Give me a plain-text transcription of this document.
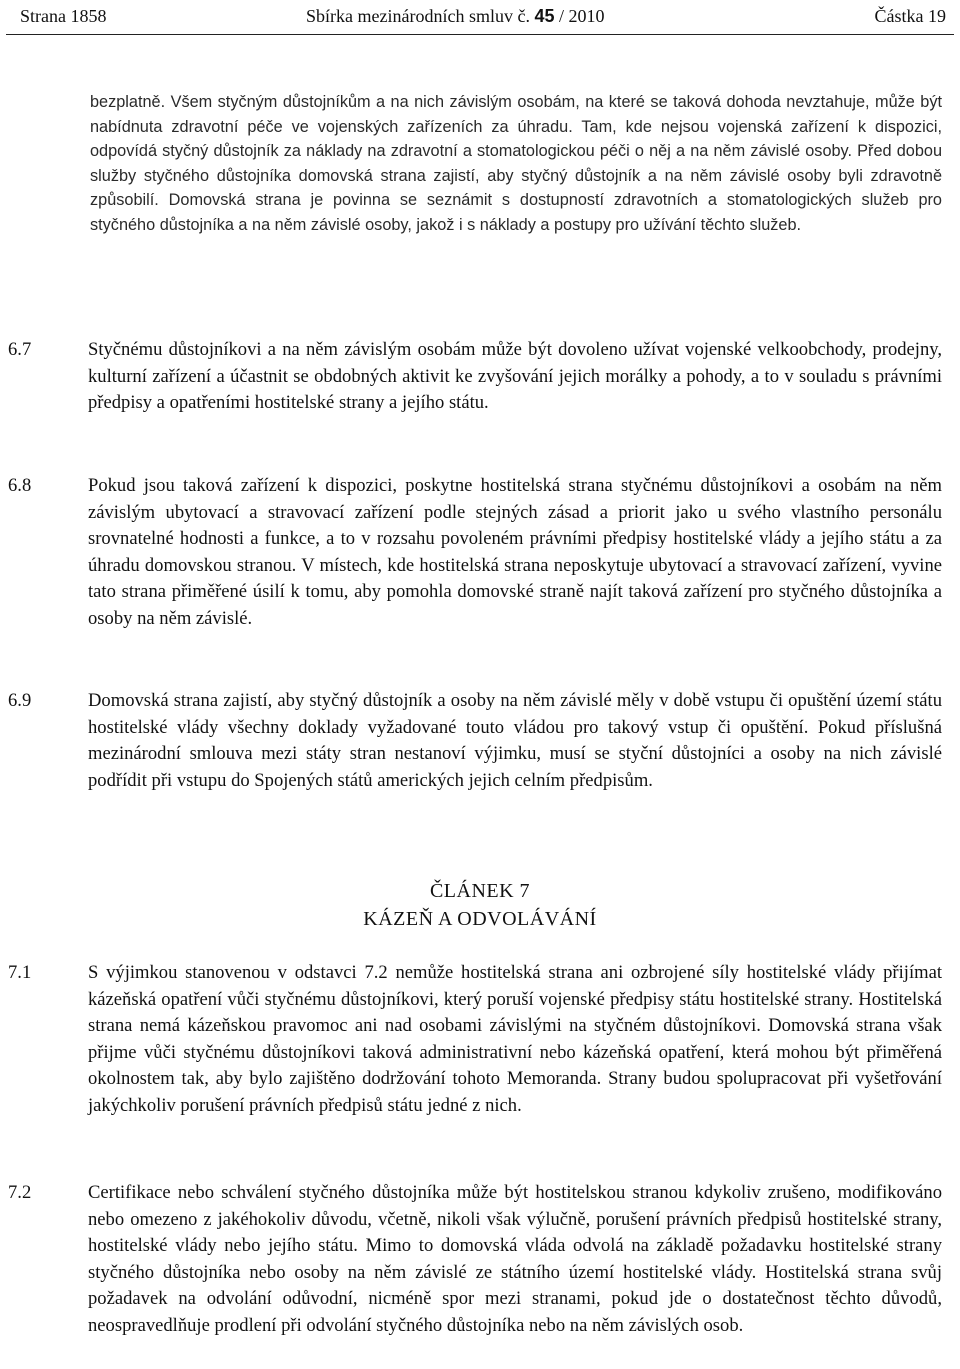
Strana 1858	Sbírka mezinárodních smluv č. 45 / 2010	Částka 19

bezplatně. Všem styčným důstojníkům a na nich závislým osobám, na které se taková dohoda nevztahuje, může být nabídnuta zdravotní péče ve vojenských zařízeních za úhradu. Tam, kde nejsou vojenská zařízení k dispozici, odpovídá styčný důstojník za náklady na zdravotní a stomatologickou péči o něj a na něm závislé osoby. Před dobou služby styčného důstojníka domovská strana zajistí, aby styčný důstojník a na něm závislé osoby byli zdravotně způsobilí. Domovská strana je povinna se seznámit s dostupností zdravotních a stomatologických služeb pro styčného důstojníka a na něm závislé osoby, jakož i s náklady a postupy pro užívání těchto služeb.

6.7	Styčnému důstojníkovi a na něm závislým osobám může být dovoleno užívat vojenské velkoobchody, prodejny, kulturní zařízení a účastnit se obdobných aktivit ke zvyšování jejich morálky a pohody, a to v souladu s právními předpisy a opatřeními hostitelské strany a jejího státu.

6.8	Pokud jsou taková zařízení k dispozici, poskytne hostitelská strana styčnému důstojníkovi a osobám na něm závislým ubytovací a stravovací zařízení podle stejných zásad a priorit jako u svého vlastního personálu srovnatelné hodnosti a funkce, a to v rozsahu povoleném právními předpisy hostitelské vlády a jejího státu a za úhradu domovskou stranou. V místech, kde hostitelská strana neposkytuje ubytovací a stravovací zařízení, vyvine tato strana přiměřené úsilí k tomu, aby pomohla domovské straně najít taková zařízení pro styčného důstojníka a osoby na něm závislé.

6.9	Domovská strana zajistí, aby styčný důstojník a osoby na něm závislé měly v době vstupu či opuštění území státu hostitelské vlády všechny doklady vyžadované touto vládou pro takový vstup či opuštění. Pokud příslušná mezinárodní smlouva mezi státy stran nestanoví výjimku, musí se styční důstojníci a osoby na nich závislé podřídit při vstupu do Spojených států amerických jejich celním předpisům.

ČLÁNEK 7
KÁZEŇ A ODVOLÁVÁNÍ
7.1	S výjimkou stanovenou v odstavci 7.2 nemůže hostitelská strana ani ozbrojené síly hostitelské vlády přijímat kázeňská opatření vůči styčnému důstojníkovi, který poruší vojenské předpisy státu hostitelské strany. Hostitelská strana nemá kázeňskou pravomoc ani nad osobami závislými na styčném důstojníkovi. Domovská strana však přijme vůči styčnému důstojníkovi taková administrativní nebo kázeňská opatření, která mohou být přiměřená okolnostem tak, aby bylo zajištěno dodržování tohoto Memoranda. Strany budou spolupracovat při vyšetřování jakýchkoliv porušení právních předpisů státu jedné z nich.

7.2	Certifikace nebo schválení styčného důstojníka může být hostitelskou stranou kdykoliv zrušeno, modifikováno nebo omezeno z jakéhokoliv důvodu, včetně, nikoli však výlučně, porušení právních předpisů hostitelské strany, hostitelské vlády nebo jejího státu. Mimo to domovská vláda odvolá na základě požadavku hostitelské strany styčného důstojníka nebo osoby na něm závislé ze státního území hostitelské vlády. Hostitelská strana svůj požadavek na odvolání odůvodní, nicméně spor mezi stranami, pokud jde o dostatečnost těchto důvodů, neospravedlňuje prodlení při odvolání styčného důstojníka nebo na něm závislých osob.
